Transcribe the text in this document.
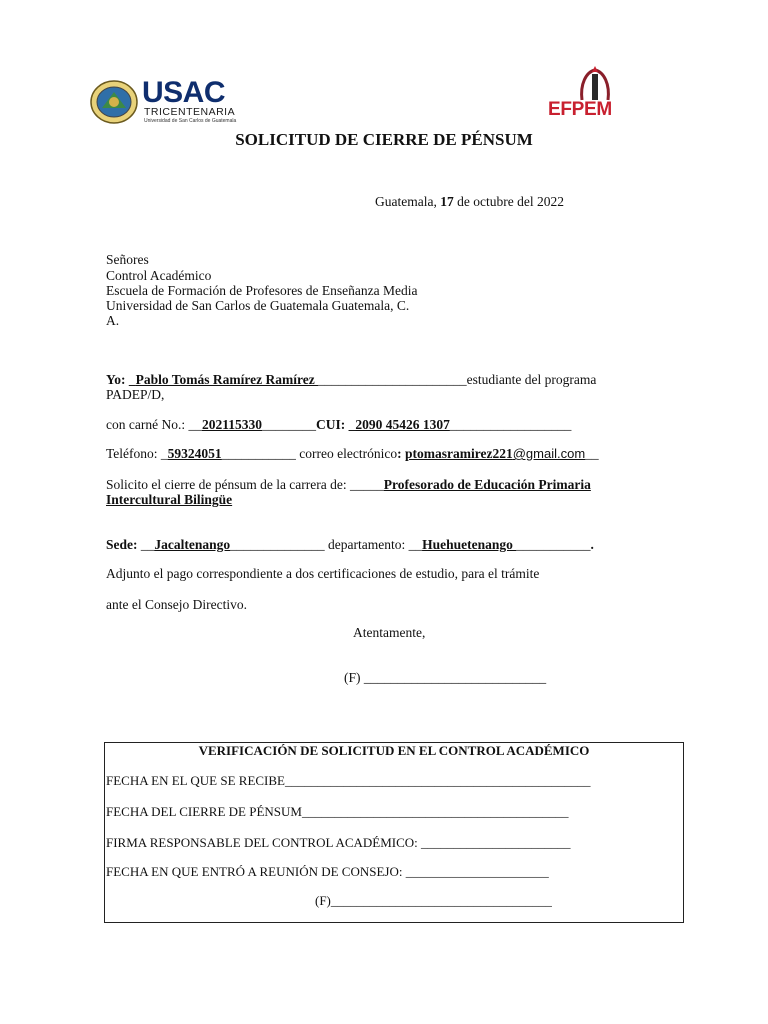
USAC
TRICENTENARIA
Universidad de San Carlos de Guatemala
EFPEM
SOLICITUD DE CIERRE DE PÉNSUM
Guatemala, 17 de octubre del 2022
Señores
Control Académico
Escuela de Formación de Profesores de Enseñanza Media
Universidad de San Carlos de Guatemala Guatemala, C.
A.
Yo: _Pablo Tomás Ramírez Ramírez ______________________estudiante del programa
PADEP/D,
con carné No.: __202115330________CUI: _2090 45426 1307__________________
Teléfono: _59324051___________ correo electrónico: ptomasramirez221@gmail.com__
Solicito el cierre de pénsum de la carrera de: _____Profesorado de Educación Primaria
Intercultural Bilingüe
Sede: __Jacaltenango______________ departamento: __Huehuetenango ___________.
Adjunto el pago correspondiente a dos certificaciones de estudio, para el trámite
ante el Consejo Directivo.
Atentamente,
(F) ___________________________
VERIFICACIÓN DE SOLICITUD EN EL CONTROL ACADÉMICO
FECHA EN EL QUE SE RECIBE_______________________________________________
FECHA DEL CIERRE DE PÉNSUM_________________________________________
FIRMA RESPONSABLE DEL CONTROL ACADÉMICO: _______________________
FECHA EN QUE ENTRÓ A REUNIÓN DE CONSEJO: ______________________
(F)__________________________________
